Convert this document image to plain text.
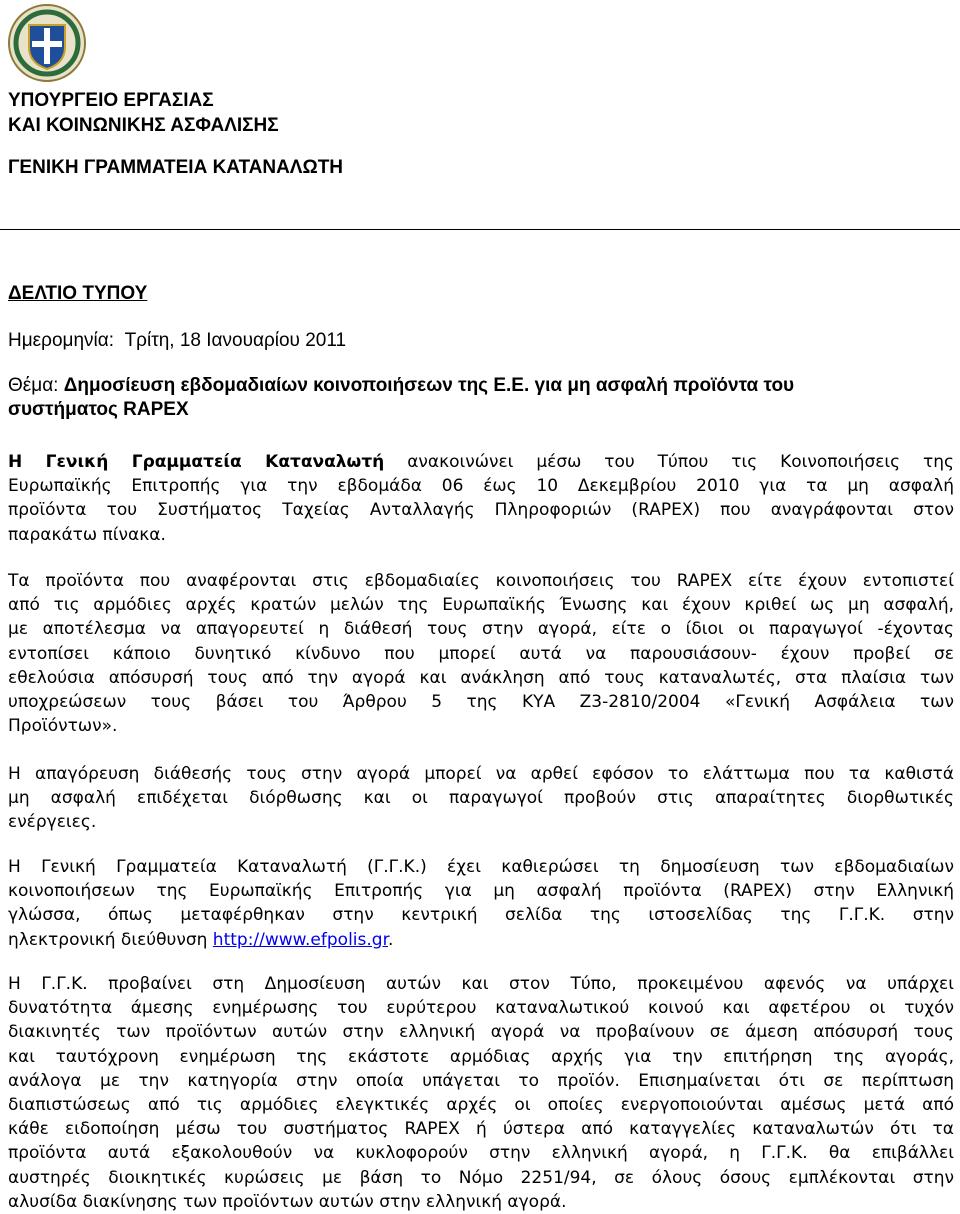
ΥΠΟΥΡΓΕΙΟ ΕΡΓΑΣΙΑΣ
ΚΑΙ ΚΟΙΝΩΝΙΚΗΣ ΑΣΦΑΛΙΣΗΣ
ΓΕΝΙΚΗ ΓΡΑΜΜΑΤΕΙΑ ΚΑΤΑΝΑΛΩΤΗ
ΔΕΛΤΙΟ ΤΥΠΟΥ
Ημερομηνία: Τρίτη, 18 Ιανουαρίου 2011
Θέμα: Δημοσίευση εβδομαδιαίων κοινοποιήσεων της Ε.Ε. για μη ασφαλή προϊόντα του
συστήματος RAPEX
Η Γενική Γραμματεία Καταναλωτή ανακοινώνει μέσω του Τύπου τις Κοινοποιήσεις της
Ευρωπαϊκής Επιτροπής για την εβδομάδα 06 έως 10 Δεκεμβρίου 2010 για τα μη ασφαλή
προϊόντα του Συστήματος Ταχείας Ανταλλαγής Πληροφοριών (RAPEX) που αναγράφονται στον
παρακάτω πίνακα.
Τα προϊόντα που αναφέρονται στις εβδομαδιαίες κοινοποιήσεις του RAPEX είτε έχουν εντοπιστεί
από τις αρμόδιες αρχές κρατών μελών της Ευρωπαϊκής Ένωσης και έχουν κριθεί ως μη ασφαλή,
με αποτέλεσμα να απαγορευτεί η διάθεσή τους στην αγορά, είτε ο ίδιοι οι παραγωγοί -έχοντας
εντοπίσει κάποιο δυνητικό κίνδυνο που μπορεί αυτά να παρουσιάσουν- έχουν προβεί σε
εθελούσια απόσυρσή τους από την αγορά και ανάκληση από τους καταναλωτές, στα πλαίσια των
υποχρεώσεων τους βάσει του Άρθρου 5 της ΚΥΑ Ζ3-2810/2004 «Γενική Ασφάλεια των
Προϊόντων».
Η απαγόρευση διάθεσής τους στην αγορά μπορεί να αρθεί εφόσον το ελάττωμα που τα καθιστά
μη ασφαλή επιδέχεται διόρθωσης και οι παραγωγοί προβούν στις απαραίτητες διορθωτικές
ενέργειες.
Η Γενική Γραμματεία Καταναλωτή (Γ.Γ.Κ.) έχει καθιερώσει τη δημοσίευση των εβδομαδιαίων
κοινοποιήσεων της Ευρωπαϊκής Επιτροπής για μη ασφαλή προϊόντα (RAPEX) στην Ελληνική
γλώσσα, όπως μεταφέρθηκαν στην κεντρική σελίδα της ιστοσελίδας της Γ.Γ.Κ. στην
ηλεκτρονική διεύθυνση http://www.efpolis.gr.
Η Γ.Γ.Κ. προβαίνει στη Δημοσίευση αυτών και στον Τύπο, προκειμένου αφενός να υπάρχει
δυνατότητα άμεσης ενημέρωσης του ευρύτερου καταναλωτικού κοινού και αφετέρου οι τυχόν
διακινητές των προϊόντων αυτών στην ελληνική αγορά να προβαίνουν σε άμεση απόσυρσή τους
και ταυτόχρονη ενημέρωση της εκάστοτε αρμόδιας αρχής για την επιτήρηση της αγοράς,
ανάλογα με την κατηγορία στην οποία υπάγεται το προϊόν. Επισημαίνεται ότι σε περίπτωση
διαπιστώσεως από τις αρμόδιες ελεγκτικές αρχές οι οποίες ενεργοποιούνται αμέσως μετά από
κάθε ειδοποίηση μέσω του συστήματος RAPEX ή ύστερα από καταγγελίες καταναλωτών ότι τα
προϊόντα αυτά εξακολουθούν να κυκλοφορούν στην ελληνική αγορά, η Γ.Γ.Κ. θα επιβάλλει
αυστηρές διοικητικές κυρώσεις με βάση το Νόμο 2251/94, σε όλους όσους εμπλέκονται στην
αλυσίδα διακίνησης των προϊόντων αυτών στην ελληνική αγορά.
